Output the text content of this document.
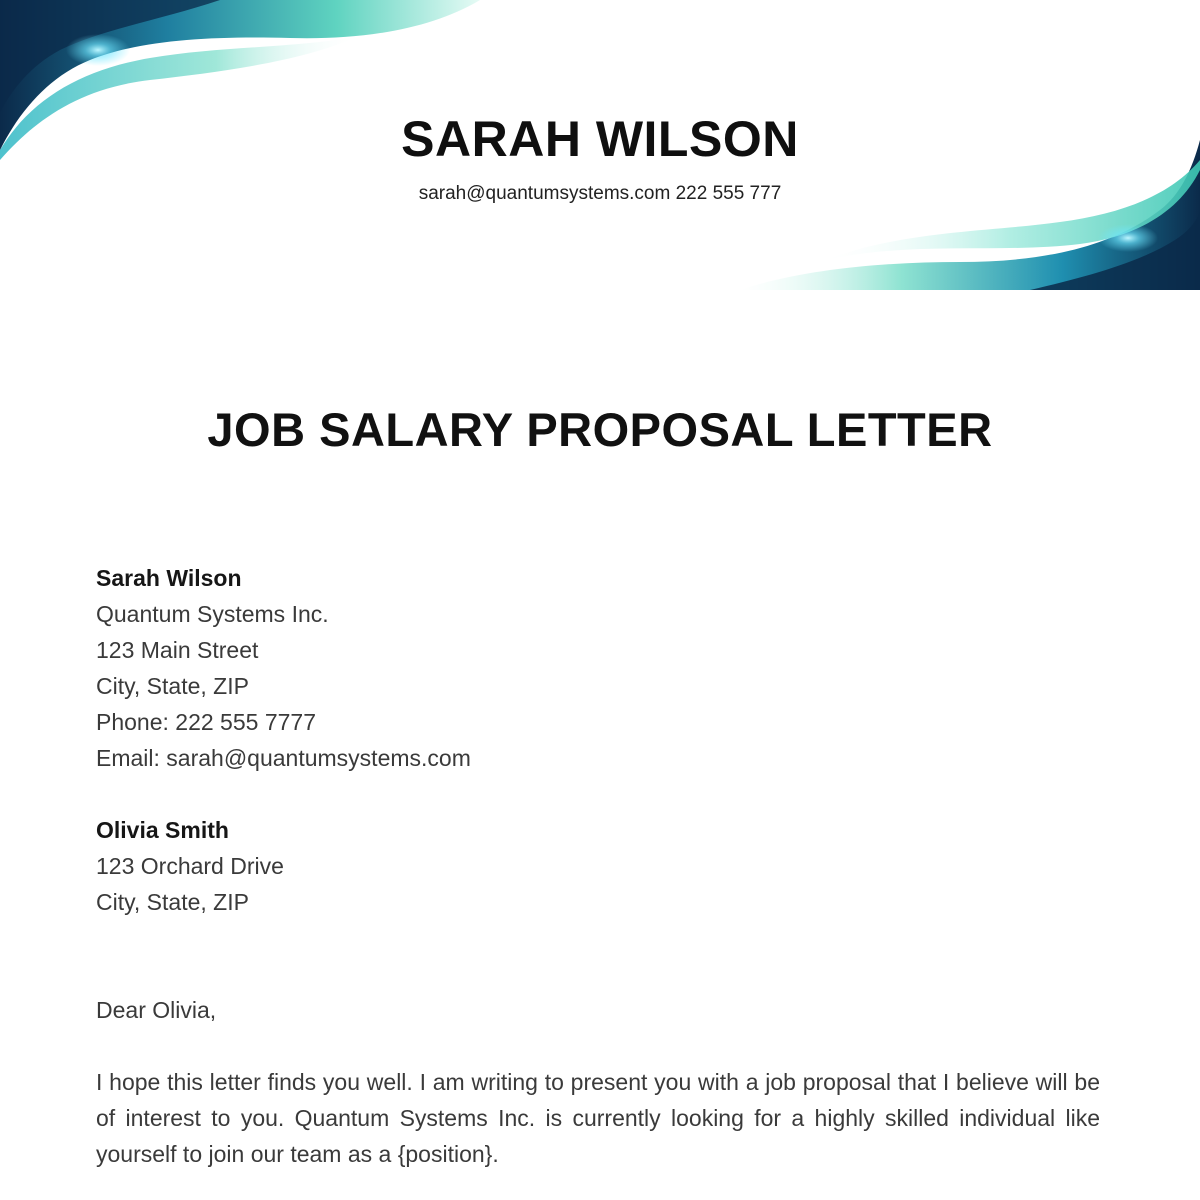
SARAH WILSON

sarah@quantumsystems.com 222 555 777

JOB SALARY PROPOSAL LETTER

Sarah Wilson

Quantum Systems Inc.

123 Main Street

City, State, ZIP

Phone: 222 555 7777

Email: sarah@quantumsystems.com

Olivia Smith

123 Orchard Drive

City, State, ZIP

Dear Olivia,

I hope this letter finds you well. I am writing to present you with a job proposal that I believe will be of interest to you. Quantum Systems Inc. is currently looking for a highly skilled individual like yourself to join our team as a {position}.
